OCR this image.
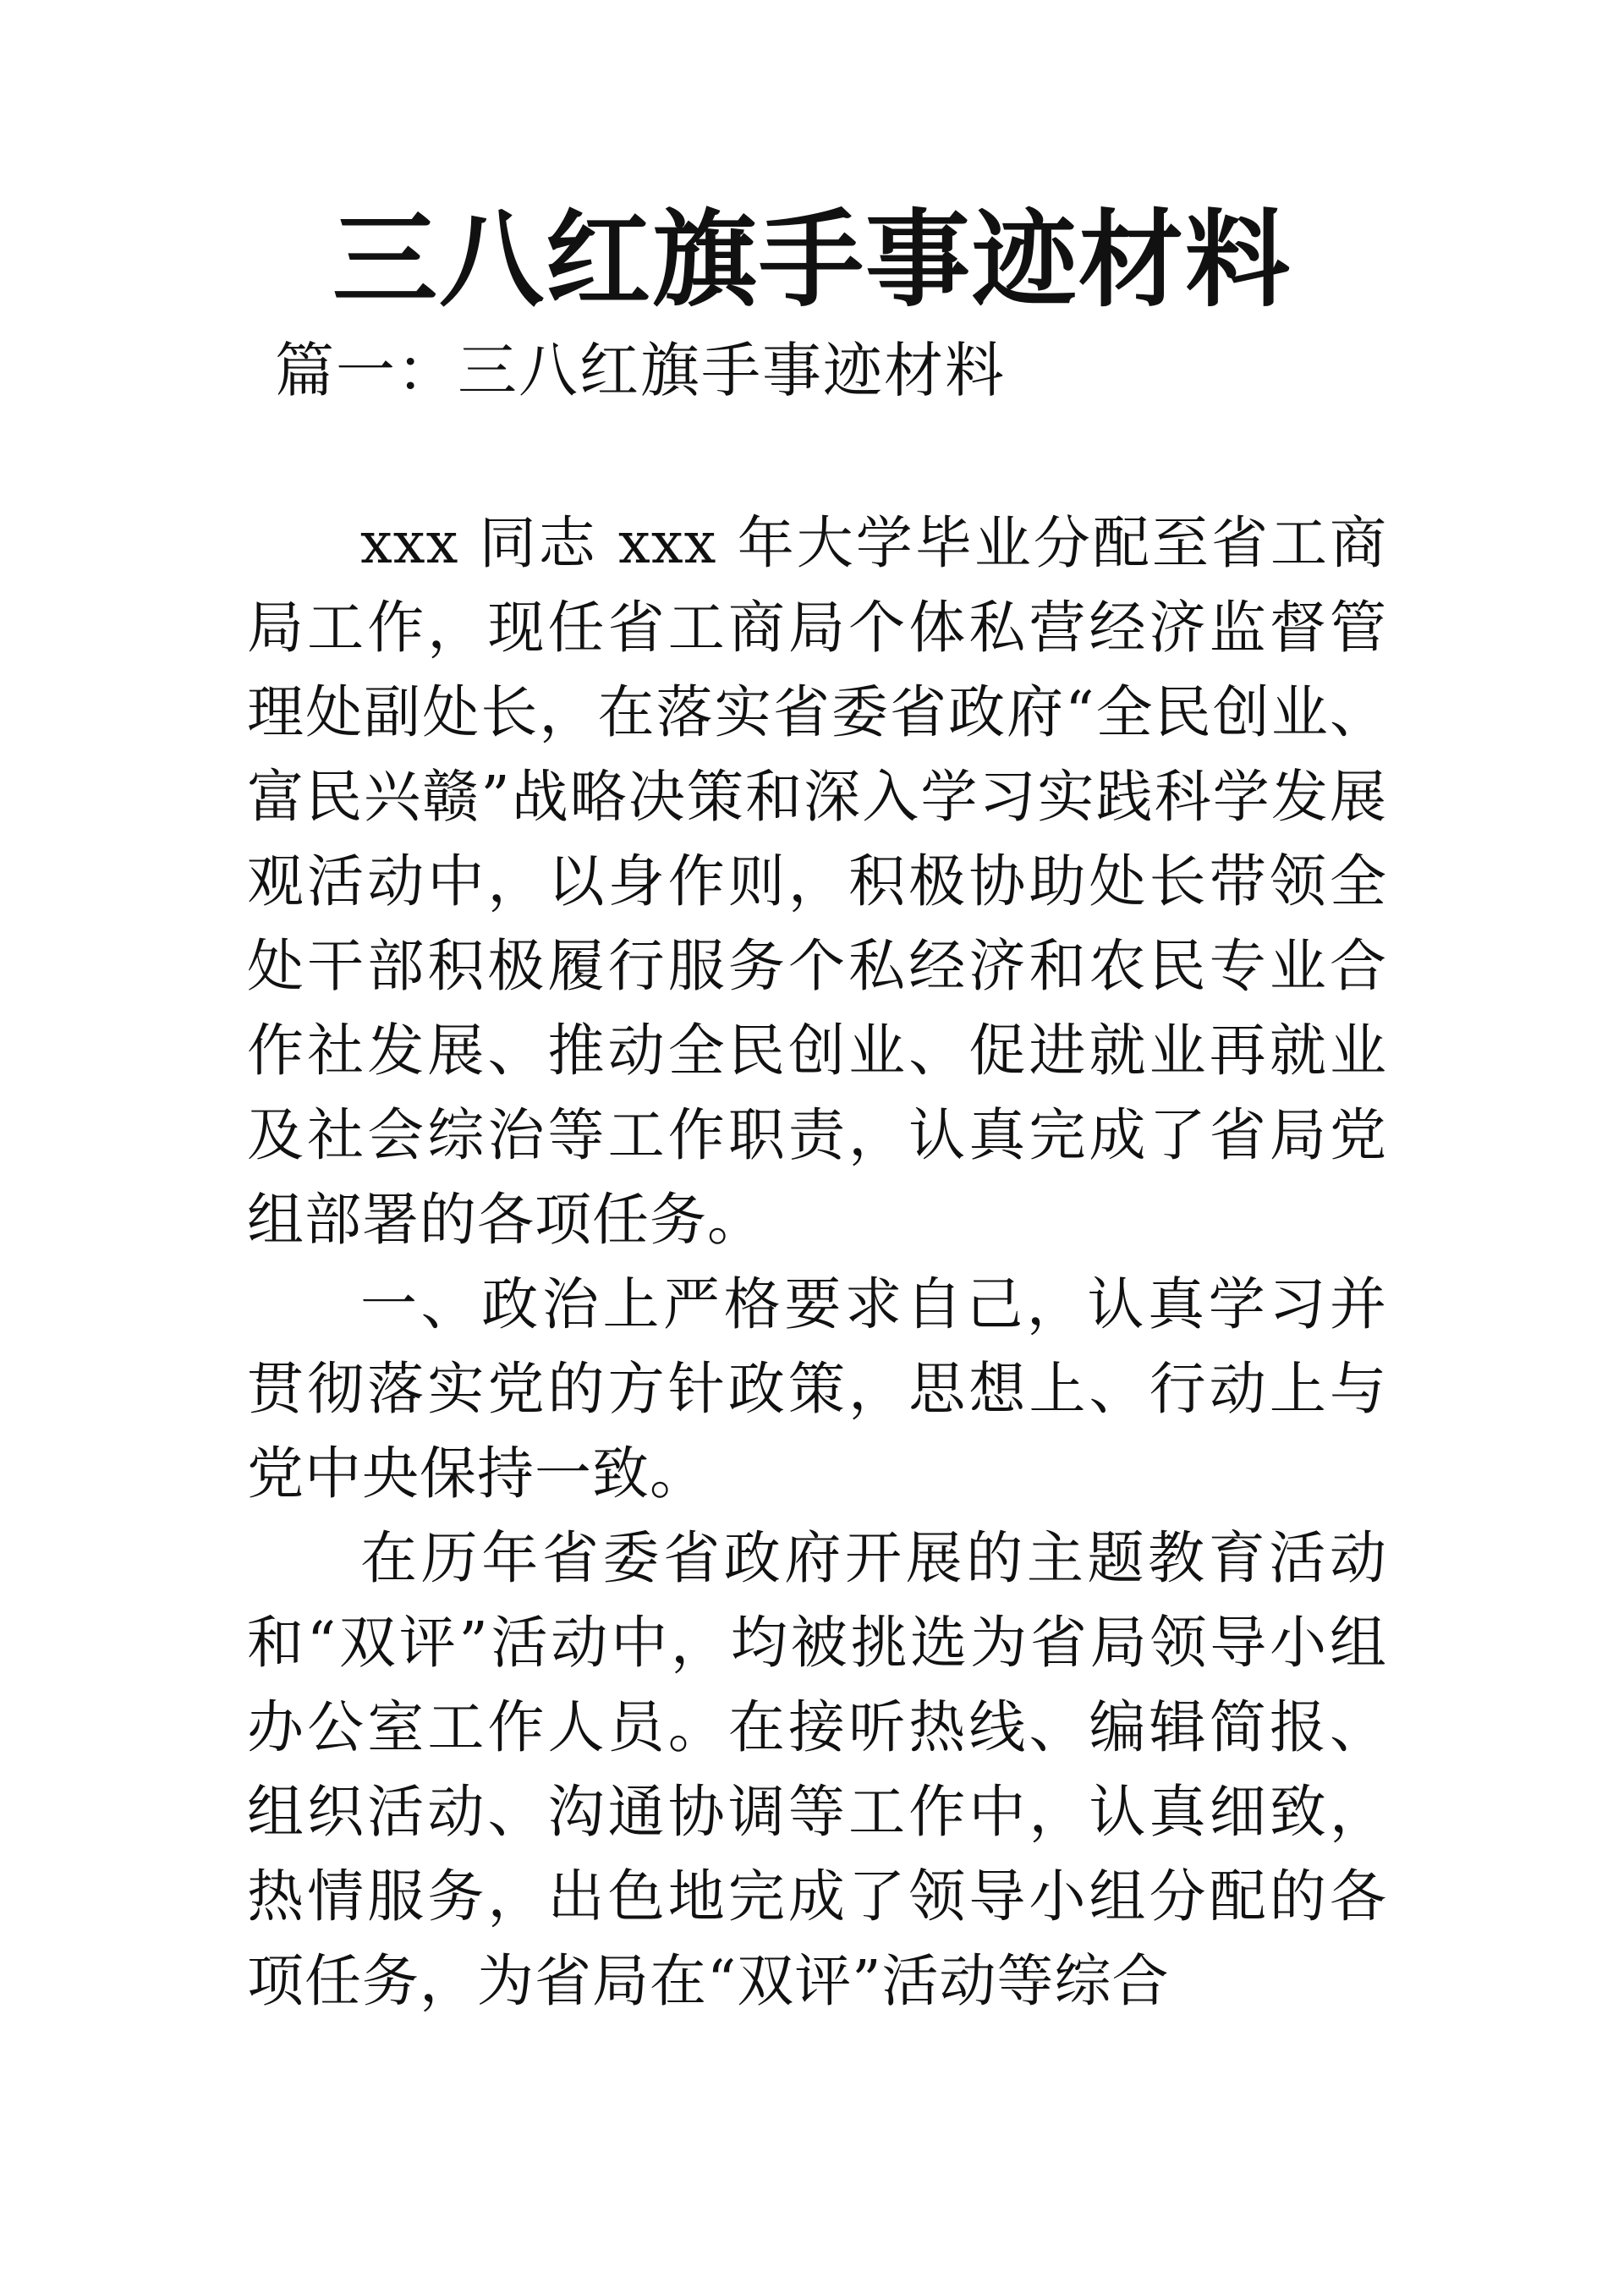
三八红旗手事迹材料
篇一：三八红旗手事迹材料

xxx 同志 xxx 年大学毕业分配至省工商局工作，现任省工商局个体私营经济监督管理处副处长，在落实省委省政府“全民创业、富民兴赣”战略决策和深入学习实践科学发展观活动中，以身作则，积极协助处长带领全处干部积极履行服务个私经济和农民专业合作社发展、推动全民创业、促进就业再就业及社会综治等工作职责，认真完成了省局党组部署的各项任务。

一、政治上严格要求自己，认真学习并贯彻落实党的方针政策，思想上、行动上与党中央保持一致。

在历年省委省政府开展的主题教育活动和“双评”活动中，均被挑选为省局领导小组办公室工作人员。在接听热线、编辑简报、组织活动、沟通协调等工作中，认真细致，热情服务，出色地完成了领导小组分配的各项任务，为省局在“双评”活动等综合
